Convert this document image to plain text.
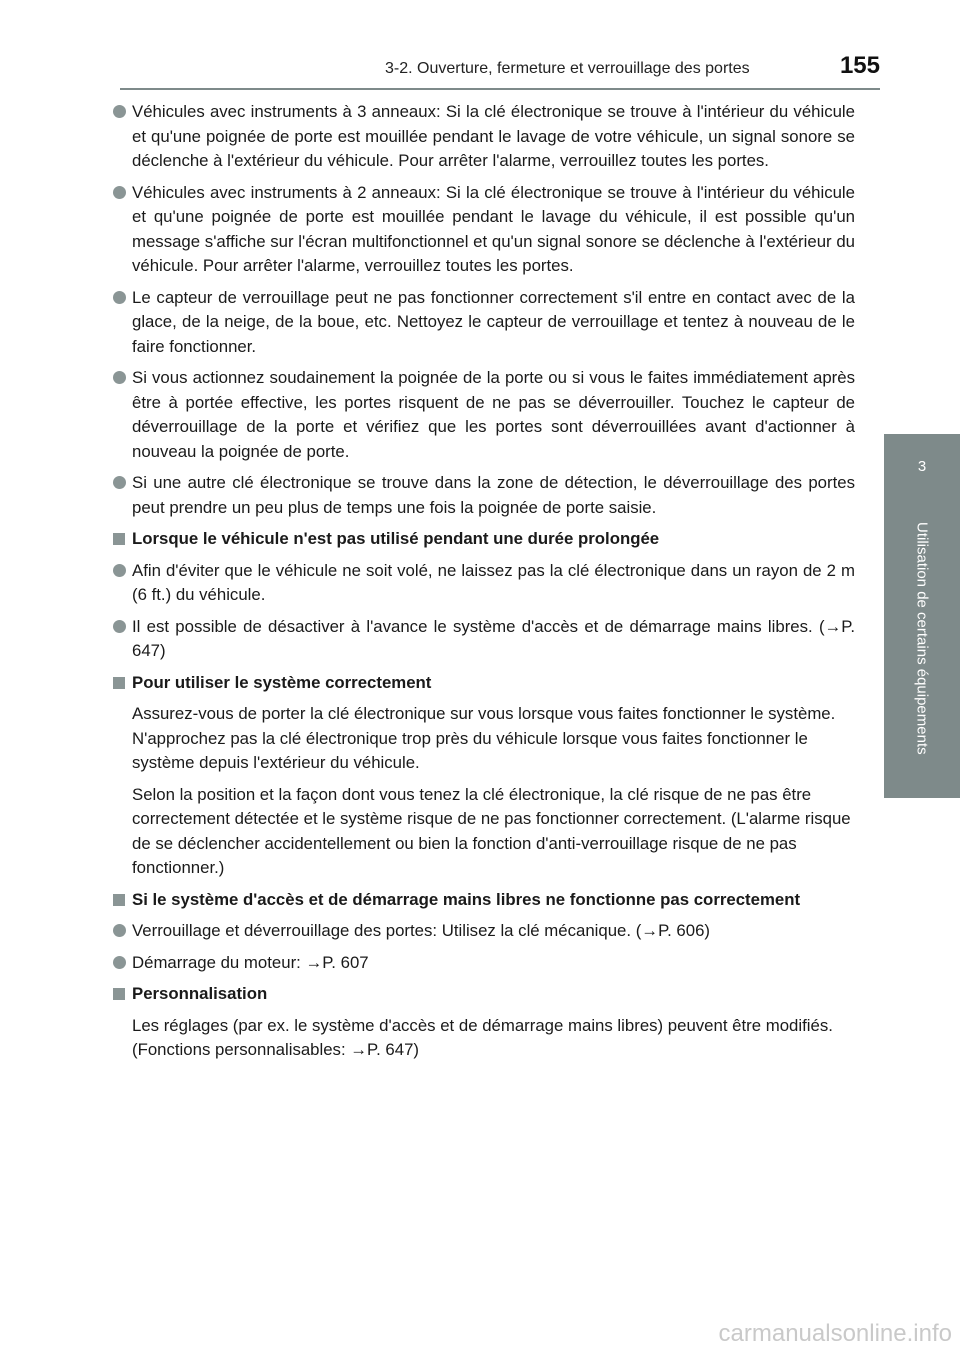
3-2. Ouverture, fermeture et verrouillage des portes	155
3
Utilisation de certains équipements
Véhicules avec instruments à 3 anneaux: Si la clé électronique se trouve à l'intérieur du véhicule et qu'une poignée de porte est mouillée pendant le lavage de votre véhicule, un signal sonore se déclenche à l'extérieur du véhicule. Pour arrêter l'alarme, verrouillez toutes les portes.
Véhicules avec instruments à 2 anneaux: Si la clé électronique se trouve à l'intérieur du véhicule et qu'une poignée de porte est mouillée pendant le lavage du véhicule, il est possible qu'un message s'affiche sur l'écran multifonctionnel et qu'un signal sonore se déclenche à l'extérieur du véhicule. Pour arrêter l'alarme, verrouillez toutes les portes.
Le capteur de verrouillage peut ne pas fonctionner correctement s'il entre en contact avec de la glace, de la neige, de la boue, etc. Nettoyez le capteur de verrouillage et tentez à nouveau de le faire fonctionner.
Si vous actionnez soudainement la poignée de la porte ou si vous le faites immédiatement après être à portée effective, les portes risquent de ne pas se déverrouiller. Touchez le capteur de déverrouillage de la porte et vérifiez que les portes sont déverrouillées avant d'actionner à nouveau la poignée de porte.
Si une autre clé électronique se trouve dans la zone de détection, le déverrouillage des portes peut prendre un peu plus de temps une fois la poignée de porte saisie.
Lorsque le véhicule n'est pas utilisé pendant une durée prolongée
Afin d'éviter que le véhicule ne soit volé, ne laissez pas la clé électronique dans un rayon de 2 m (6 ft.) du véhicule.
Il est possible de désactiver à l'avance le système d'accès et de démarrage mains libres. (→P. 647)
Pour utiliser le système correctement
Assurez-vous de porter la clé électronique sur vous lorsque vous faites fonctionner le système. N'approchez pas la clé électronique trop près du véhicule lorsque vous faites fonctionner le système depuis l'extérieur du véhicule.
Selon la position et la façon dont vous tenez la clé électronique, la clé risque de ne pas être correctement détectée et le système risque de ne pas fonctionner correctement. (L'alarme risque de se déclencher accidentellement ou bien la fonction d'anti-verrouillage risque de ne pas fonctionner.)
Si le système d'accès et de démarrage mains libres ne fonctionne pas correctement
Verrouillage et déverrouillage des portes: Utilisez la clé mécanique. (→P. 606)
Démarrage du moteur: →P. 607
Personnalisation
Les réglages (par ex. le système d'accès et de démarrage mains libres) peuvent être modifiés. (Fonctions personnalisables: →P. 647)
carmanualsonline.info
